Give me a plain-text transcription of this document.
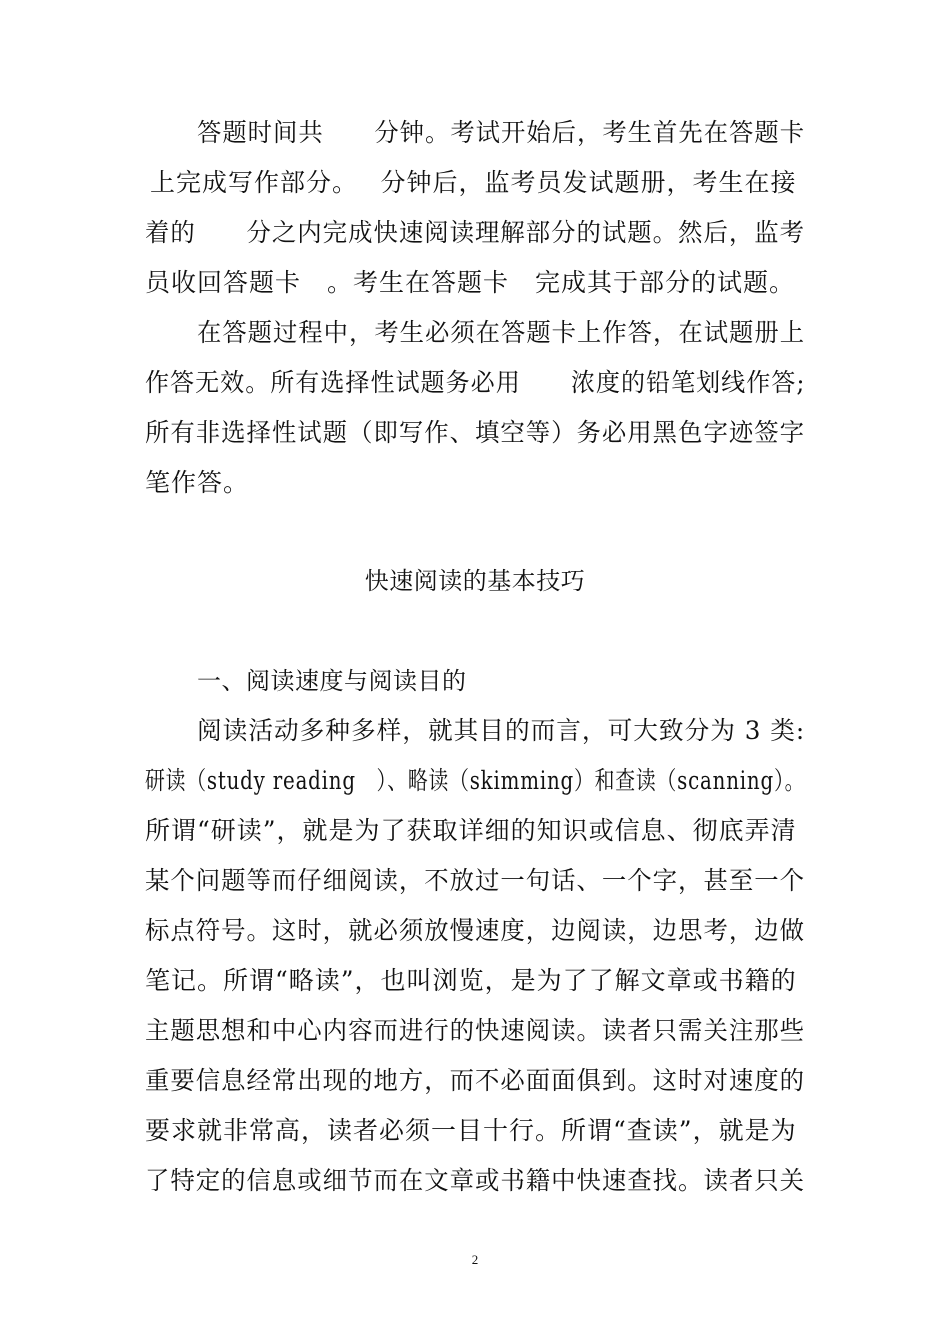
答题时间共　　分钟。考试开始后，考生首先在答题卡
上完成写作部分。　 分钟后，监考员发试题册，考生在接
着的　　分之内完成快速阅读理解部分的试题。然后，监考
员收回答题卡　。考生在答题卡　完成其于部分的试题。
在答题过程中，考生必须在答题卡上作答，在试题册上
作答无效。所有选择性试题务必用　　浓度的铅笔划线作答;
所有非选择性试题（即写作、填空等）务必用黑色字迹签字
笔作答。
快速阅读的基本技巧
一、阅读速度与阅读目的
阅读活动多种多样，就其目的而言，可大致分为 3 类:
研读（study reading　）、略读（skimming）和查读（scanning）。
所谓“研读”，就是为了获取详细的知识或信息、彻底弄清
某个问题等而仔细阅读，不放过一句话、一个字，甚至一个
标点符号。这时，就必须放慢速度，边阅读，边思考，边做
笔记。所谓“略读”，也叫浏览，是为了了解文章或书籍的
主题思想和中心内容而进行的快速阅读。读者只需关注那些
重要信息经常出现的地方，而不必面面俱到。这时对速度的
要求就非常高，读者必须一目十行。所谓“查读”，就是为
了特定的信息或细节而在文章或书籍中快速查找。读者只关
2
